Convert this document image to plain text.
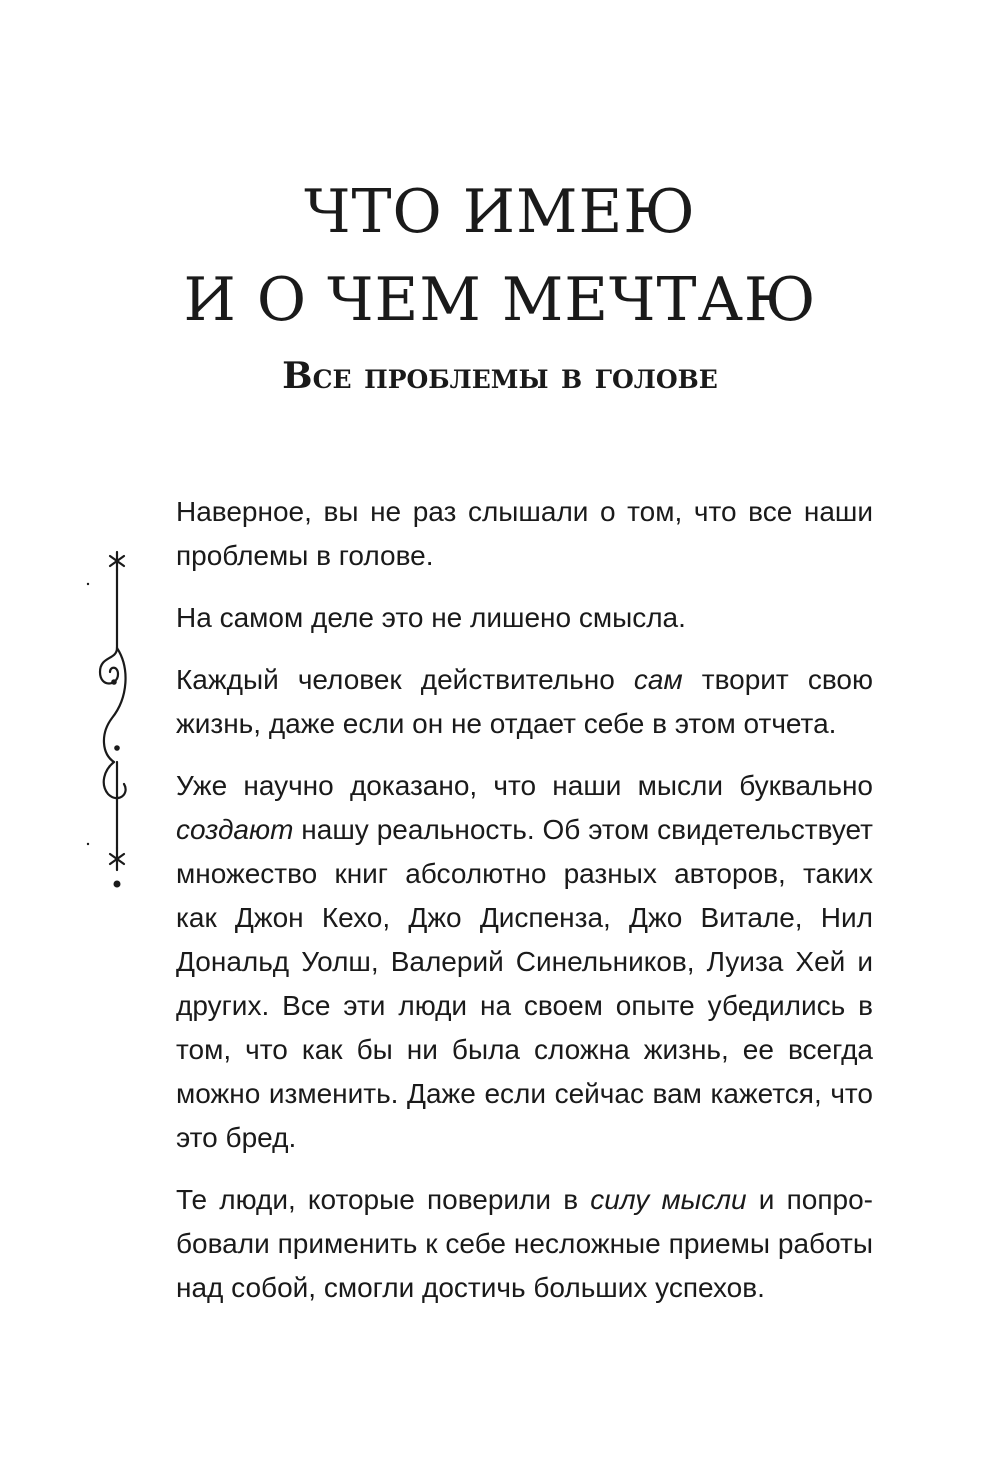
ЧТО ИМЕЮ
И О ЧЕМ МЕЧТАЮ
Все проблемы в голове

Наверное, вы не раз слышали о том, что все наши проблемы в голове.

На самом деле это не лишено смысла.

Каждый человек действительно сам творит свою жизнь, даже если он не отдает себе в этом отчета.

Уже научно доказано, что наши мысли буквально создают нашу реальность. Об этом свидетельствует множество книг абсолютно разных авторов, таких как Джон Кехо, Джо Диспенза, Джо Витале, Нил Дональд Уолш, Валерий Синельников, Луиза Хей и других. Все эти люди на своем опыте убедились в том, что как бы ни была сложна жизнь, ее всегда можно изменить. Даже если сейчас вам кажется, что это бред.

Те люди, которые поверили в силу мысли и попробовали применить к себе несложные приемы работы над собой, смогли достичь больших успехов.
